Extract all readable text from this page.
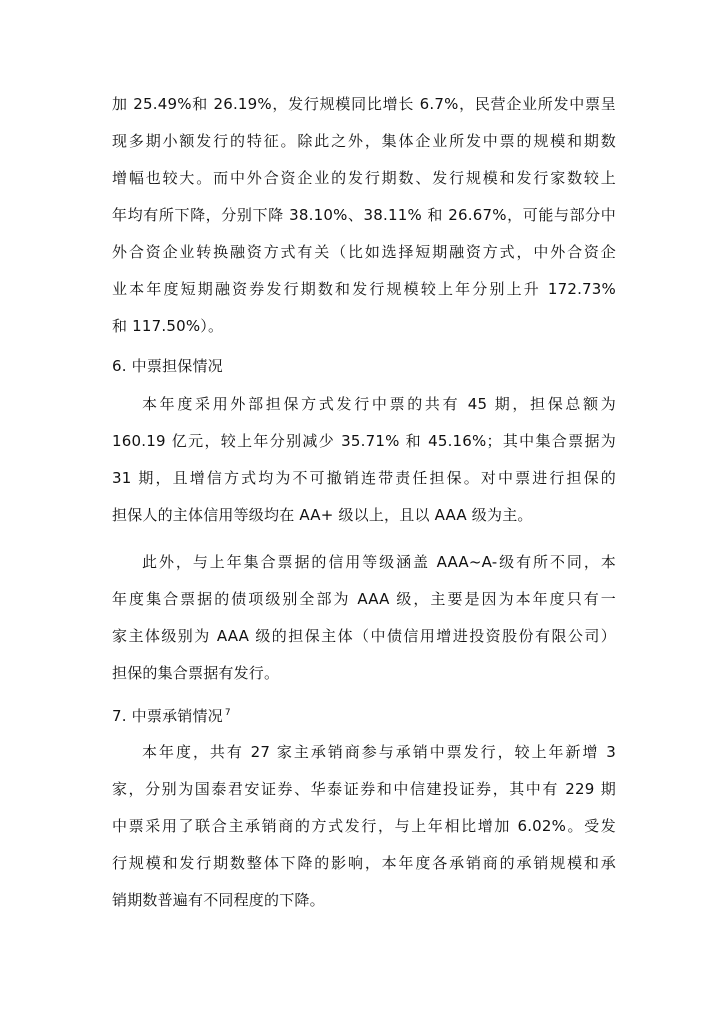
加 25.49%和 26.19%，发行规模同比增长 6.7%，民营企业所发中票呈
现多期小额发行的特征。除此之外，集体企业所发中票的规模和期数
增幅也较大。而中外合资企业的发行期数、发行规模和发行家数较上
年均有所下降，分别下降 38.10%、38.11% 和 26.67%，可能与部分中
外合资企业转换融资方式有关（比如选择短期融资方式，中外合资企
业本年度短期融资券发行期数和发行规模较上年分别上升 172.73%
和 117.50%）。
6. 中票担保情况
本年度采用外部担保方式发行中票的共有 45 期，担保总额为
160.19 亿元，较上年分别减少 35.71% 和 45.16%；其中集合票据为
31 期，且增信方式均为不可撤销连带责任担保。对中票进行担保的
担保人的主体信用等级均在 AA+ 级以上，且以 AAA 级为主。
此外，与上年集合票据的信用等级涵盖 AAA~A-级有所不同，本
年度集合票据的债项级别全部为 AAA 级，主要是因为本年度只有一
家主体级别为 AAA 级的担保主体（中债信用增进投资股份有限公司）
担保的集合票据有发行。
7. 中票承销情况 $^7$
本年度，共有 27 家主承销商参与承销中票发行，较上年新增 3
家，分别为国泰君安证券、华泰证券和中信建投证券，其中有 229 期
中票采用了联合主承销商的方式发行，与上年相比增加 6.02%。受发
行规模和发行期数整体下降的影响，本年度各承销商的承销规模和承
销期数普遍有不同程度的下降。
